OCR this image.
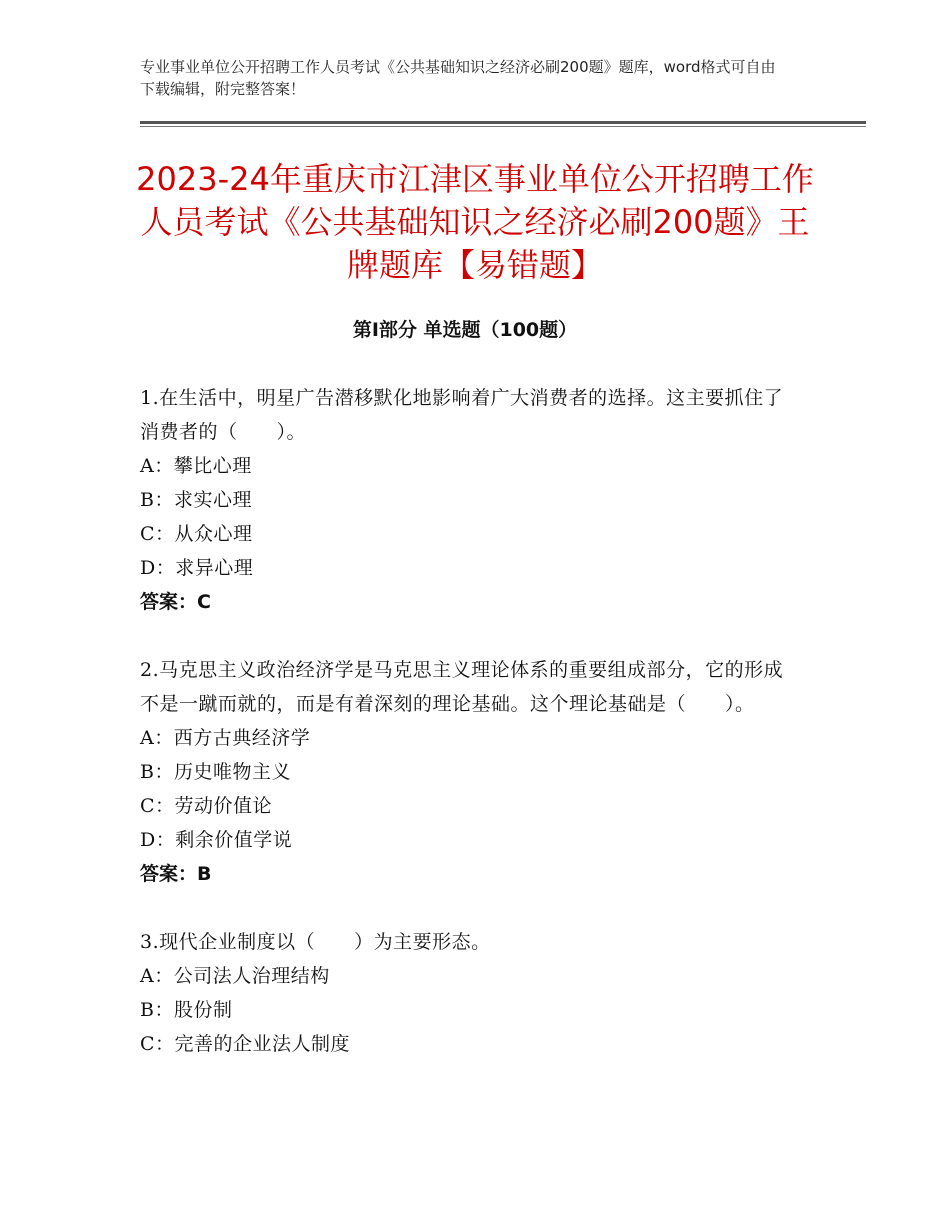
专业事业单位公开招聘工作人员考试《公共基础知识之经济必刷200题》题库，word格式可自由下载编辑，附完整答案！
2023-24年重庆市江津区事业单位公开招聘工作人员考试《公共基础知识之经济必刷200题》王牌题库【易错题】
第Ⅰ部分 单选题（100题）
1.在生活中，明星广告潜移默化地影响着广大消费者的选择。这主要抓住了消费者的（　　）。
A：攀比心理
B：求实心理
C：从众心理
D：求异心理
答案：C
2.马克思主义政治经济学是马克思主义理论体系的重要组成部分，它的形成不是一蹴而就的，而是有着深刻的理论基础。这个理论基础是（　　）。
A：西方古典经济学
B：历史唯物主义
C：劳动价值论
D：剩余价值学说
答案：B
3.现代企业制度以（　　）为主要形态。
A：公司法人治理结构
B：股份制
C：完善的企业法人制度
